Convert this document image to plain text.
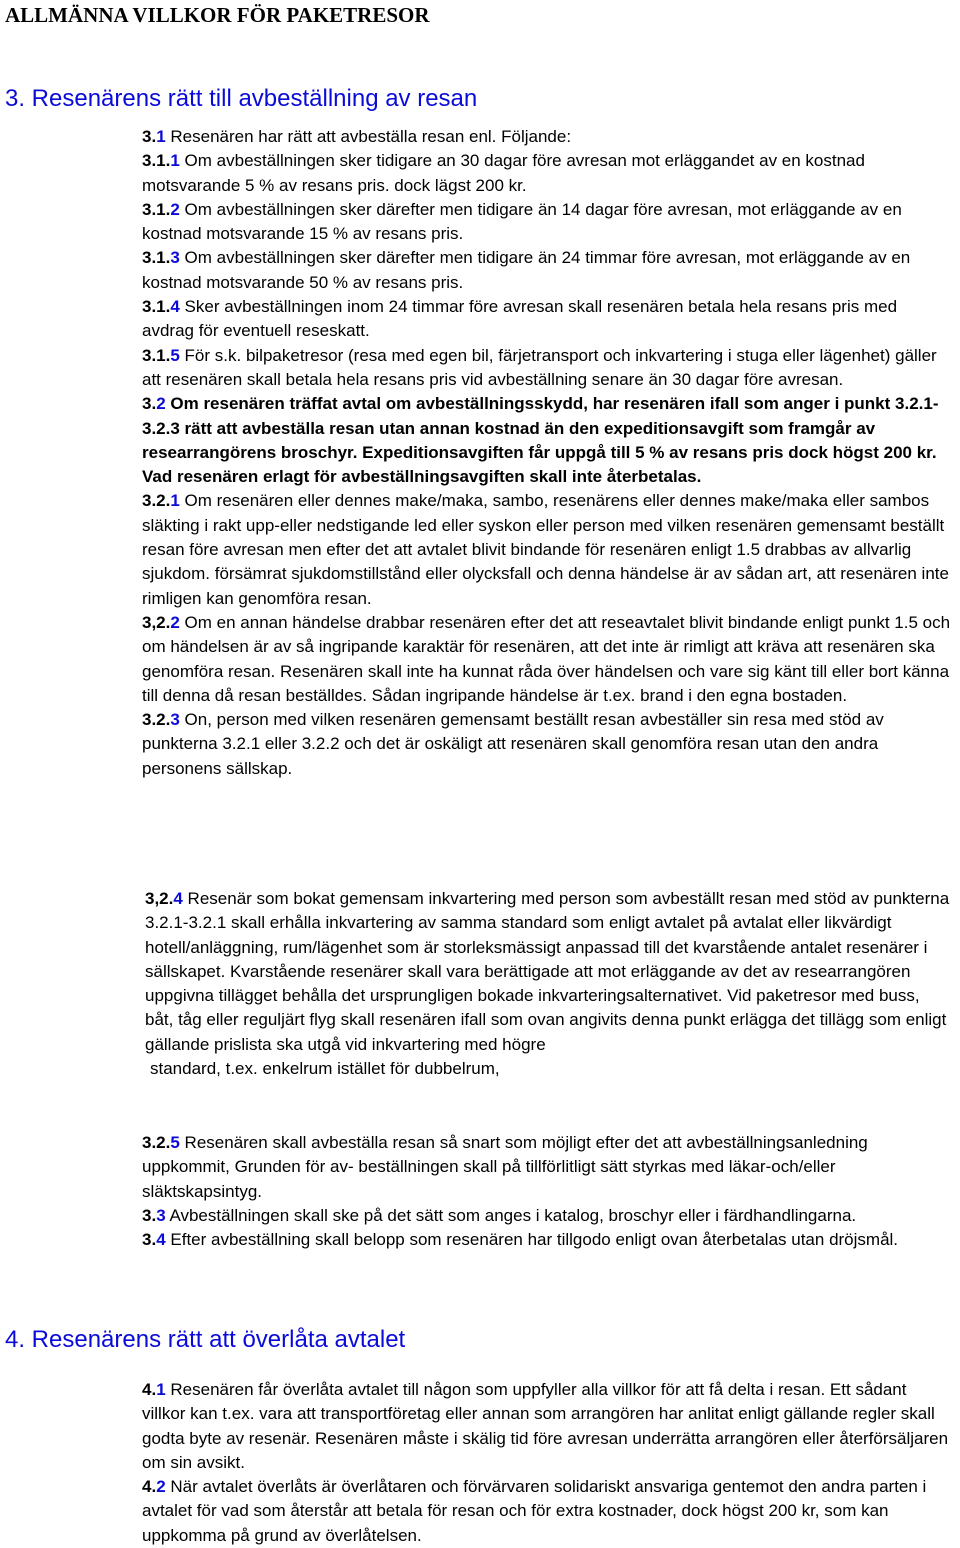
ALLMÄNNA VILLKOR FÖR PAKETRESOR
3. Resenärens rätt till avbeställning av resan

3.1 Resenären har rätt att avbeställa resan enl. Följande:

3.1.1 Om avbeställningen sker tidigare an 30 dagar före avresan mot erläggandet av en kostnad motsvarande 5 % av resans pris. dock lägst 200 kr.

3.1.2 Om avbeställningen sker därefter men tidigare än 14 dagar före avresan, mot erläggande av en kostnad motsvarande 15 % av resans pris.

3.1.3 Om avbeställningen sker därefter men tidigare än 24 timmar före avresan, mot erläggande av en kostnad motsvarande 50 % av resans pris.

3.1.4 Sker avbeställningen inom 24 timmar före avresan skall resenären betala hela resans pris med avdrag för eventuell reseskatt.

3.1.5 För s.k. bilpaketresor (resa med egen bil, färjetransport och inkvartering i stuga eller lägenhet) gäller att resenären skall betala hela resans pris vid avbeställning senare än 30 dagar före avresan.

3.2 Om resenären träffat avtal om avbeställningsskydd, har resenären ifall som anger i punkt 3.2.1-3.2.3 rätt att avbeställa resan utan annan kostnad än den expeditionsavgift som framgår av researrangörens broschyr. Expeditionsavgiften får uppgå till 5 % av resans pris dock högst 200 kr. Vad resenären erlagt för avbeställningsavgiften skall inte återbetalas.

3.2.1 Om resenären eller dennes make/maka, sambo, resenärens eller dennes make/maka eller sambos släkting i rakt upp-eller nedstigande led eller syskon eller person med vilken resenären gemensamt beställt resan före avresan men efter det att avtalet blivit bindande för resenären enligt 1.5 drabbas av allvarlig sjukdom. försämrat sjukdomstillstånd eller olycksfall och denna händelse är av sådan art, att resenären inte rimligen kan genomföra resan.

3,2.2 Om en annan händelse drabbar resenären efter det att reseavtalet blivit bindande enligt punkt 1.5 och om händelsen är av så ingripande karaktär för resenären, att det inte är rimligt att kräva att resenären ska genomföra resan. Resenären skall inte ha kunnat råda över händelsen och vare sig känt till eller bort känna till denna då resan beställdes. Sådan ingripande händelse är t.ex. brand i den egna bostaden.

3.2.3 On, person med vilken resenären gemensamt beställt resan avbeställer sin resa med stöd av punkterna 3.2.1 eller 3.2.2 och det är oskäligt att resenären skall genomföra resan utan den andra personens sällskap.

3,2.4 Resenär som bokat gemensam inkvartering med person som avbeställt resan med stöd av punkterna 3.2.1-3.2.1 skall erhålla inkvartering av samma standard som enligt avtalet på avtalat eller likvärdigt hotell/anläggning, rum/lägenhet som är storleksmässigt anpassad till det kvarstående antalet resenärer i sällskapet. Kvarstående resenärer skall vara berättigade att mot erläggande av det av researrangören uppgivna tillägget behålla det ursprungligen bokade inkvarteringsalternativet. Vid paketresor med buss, båt, tåg eller reguljärt flyg skall resenären ifall som ovan angivits denna punkt erlägga det tillägg som enligt gällande prislista ska utgå vid inkvartering med högre

standard, t.ex. enkelrum istället för dubbelrum,

3.2.5 Resenären skall avbeställa resan så snart som möjligt efter det att avbeställningsanledning uppkommit, Grunden för av- beställningen skall på tillförlitligt sätt styrkas med läkar-och/eller släktskapsintyg.

3.3 Avbeställningen skall ske på det sätt som anges i katalog, broschyr eller i färdhandlingarna.

3.4 Efter avbeställning skall belopp som resenären har tillgodo enligt ovan återbetalas utan dröjsmål.

4. Resenärens rätt att överlåta avtalet

4.1 Resenären får överlåta avtalet till någon som uppfyller alla villkor för att få delta i resan. Ett sådant villkor kan t.ex. vara att transportföretag eller annan som arrangören har anlitat enligt gällande regler skall godta byte av resenär. Resenären måste i skälig tid före avresan underrätta arrangören eller återförsäljaren om sin avsikt.

4.2 När avtalet överlåts är överlåtaren och förvärvaren solidariskt ansvariga gentemot den andra parten i avtalet för vad som återstår att betala för resan och för extra kostnader, dock högst 200 kr, som kan uppkomma på grund av överlåtelsen.
